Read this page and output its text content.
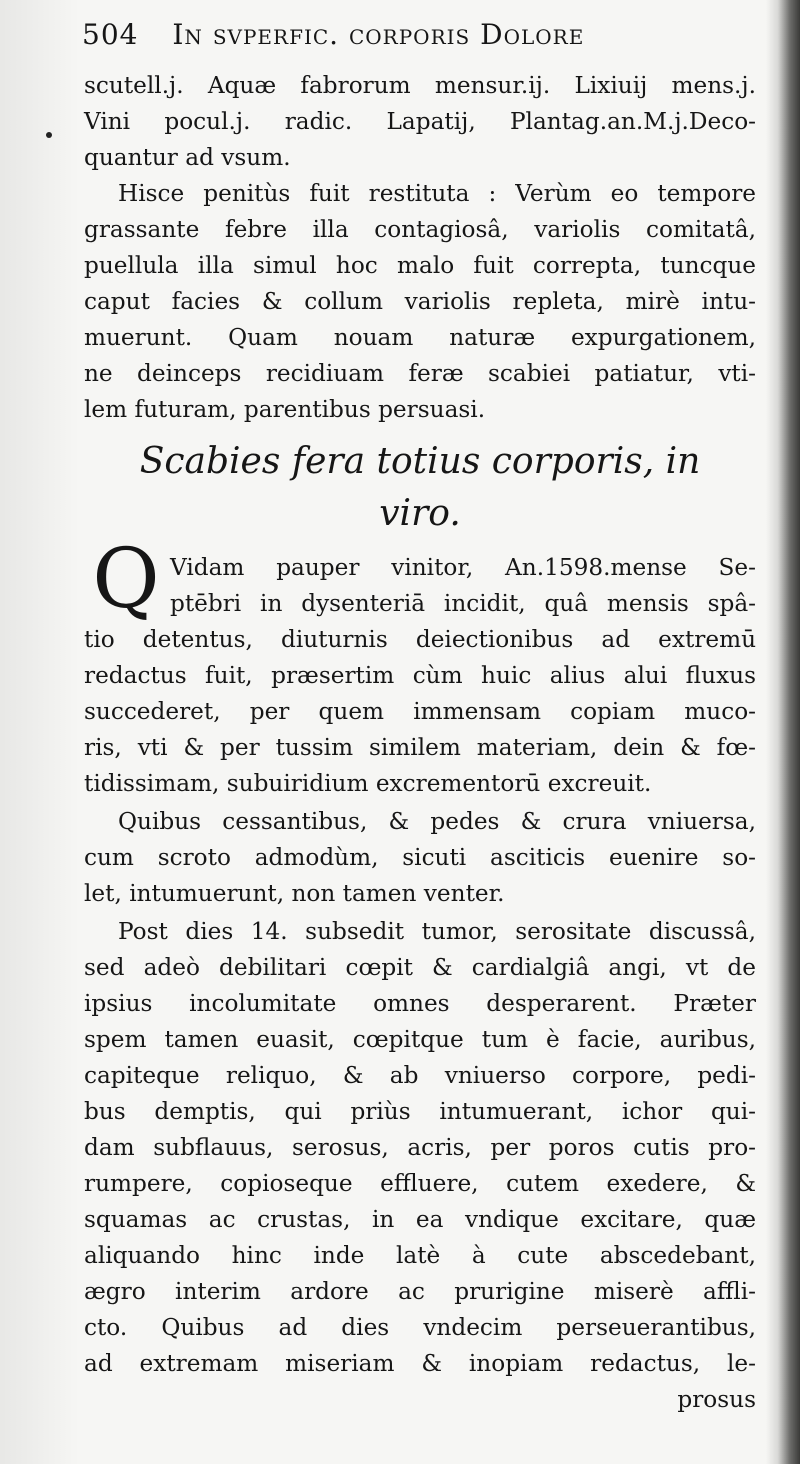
504 In svperfic. corporis Dolore
scutell.j. Aquæ fabrorum mensur.ij. Lixiuij mens.j.
Vini pocul.j. radic. Lapatij, Plantag.an.M.j.Deco-
quantur ad vsum.
Hisce penitùs fuit restituta : Verùm eo tempore
grassante febre illa contagiosâ, variolis comitatâ,
puellula illa simul hoc malo fuit correpta, tuncque
caput facies & collum variolis repleta, mirè intu-
muerunt. Quam nouam naturæ expurgationem,
ne deinceps recidiuam feræ scabiei patiatur, vti-
lem futuram, parentibus persuasi.
Scabies fera totius corporis, in
viro.
Q Vidam pauper vinitor, An.1598.mense Se-
ptēbri in dysenteriā incidit, quâ mensis spâ-
tio detentus, diuturnis deiectionibus ad extremū
redactus fuit, præsertim cùm huic alius alui fluxus
succederet, per quem immensam copiam muco-
ris, vti & per tussim similem materiam, dein & fœ-
tidissimam, subuiridium excrementorū excreuit.
Quibus cessantibus, & pedes & crura vniuersa,
cum scroto admodùm, sicuti asciticis euenire so-
let, intumuerunt, non tamen venter.
Post dies 14. subsedit tumor, serositate discussâ,
sed adeò debilitari cœpit & cardialgiâ angi, vt de
ipsius incolumitate omnes desperarent. Præter
spem tamen euasit, cœpitque tum è facie, auribus,
capiteque reliquo, & ab vniuerso corpore, pedi-
bus demptis, qui priùs intumuerant, ichor qui-
dam subflauus, serosus, acris, per poros cutis pro-
rumpere, copioseque effluere, cutem exedere, &
squamas ac crustas, in ea vndique excitare, quæ
aliquando hinc inde latè à cute abscedebant,
ægro interim ardore ac prurigine miserè affli-
cto. Quibus ad dies vndecim perseuerantibus,
ad extremam miseriam & inopiam redactus, le-
prosus
